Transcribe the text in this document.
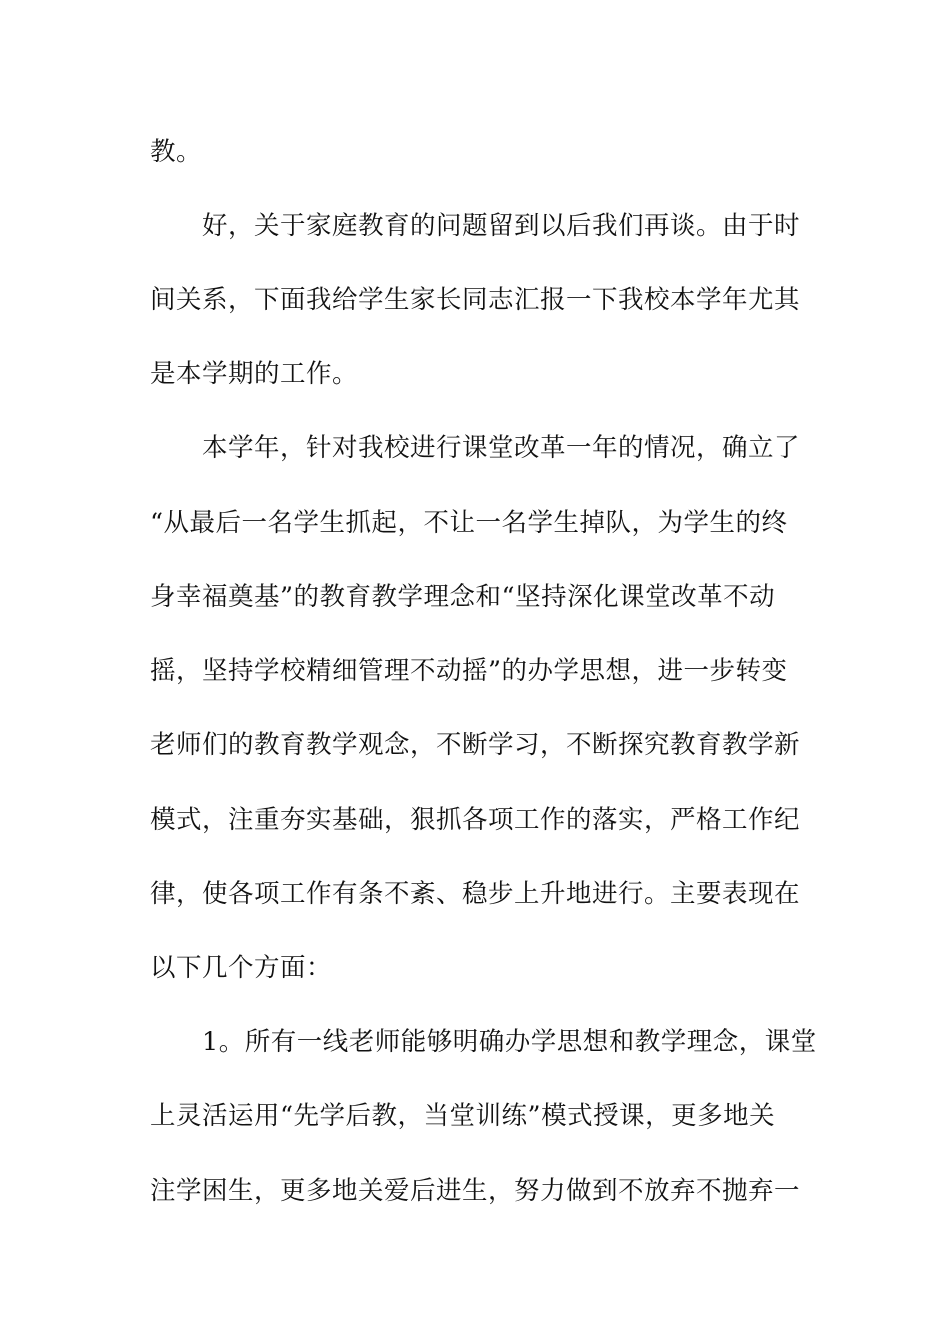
教。
好，关于家庭教育的问题留到以后我们再谈。由于时
间关系，下面我给学生家长同志汇报一下我校本学年尤其
是本学期的工作。
本学年，针对我校进行课堂改革一年的情况，确立了
“从最后一名学生抓起，不让一名学生掉队，为学生的终
身幸福奠基”的教育教学理念和“坚持深化课堂改革不动
摇，坚持学校精细管理不动摇”的办学思想，进一步转变
老师们的教育教学观念，不断学习，不断探究教育教学新
模式，注重夯实基础，狠抓各项工作的落实，严格工作纪
律，使各项工作有条不紊、稳步上升地进行。主要表现在
以下几个方面：
1。所有一线老师能够明确办学思想和教学理念，课堂
上灵活运用“先学后教，当堂训练”模式授课，更多地关
注学困生，更多地关爱后进生，努力做到不放弃不抛弃一
